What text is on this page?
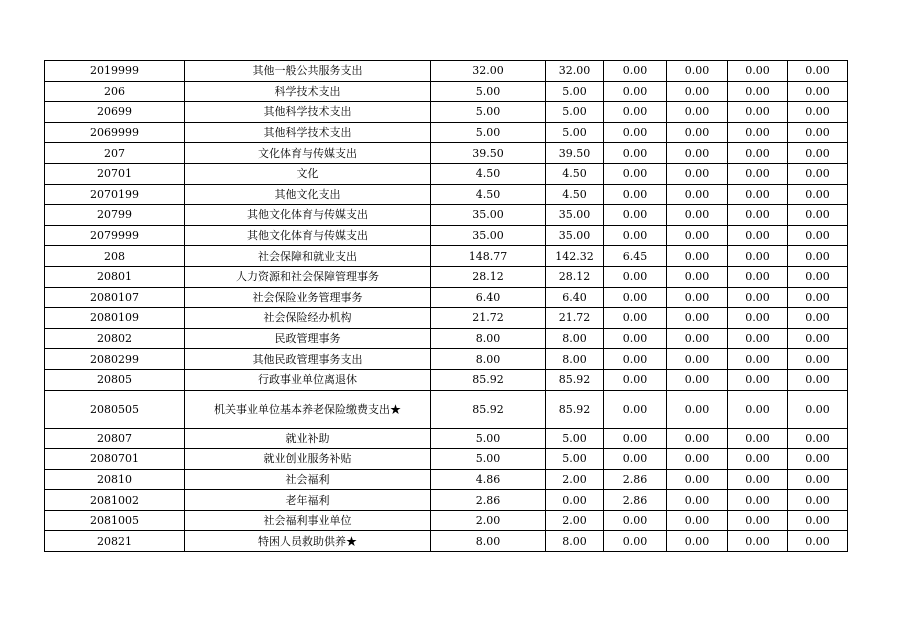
2019999	其他一般公共服务支出	32.00	32.00	0.00	0.00	0.00	0.00
206	科学技术支出	5.00	5.00	0.00	0.00	0.00	0.00
20699	其他科学技术支出	5.00	5.00	0.00	0.00	0.00	0.00
2069999	其他科学技术支出	5.00	5.00	0.00	0.00	0.00	0.00
207	文化体育与传媒支出	39.50	39.50	0.00	0.00	0.00	0.00
20701	文化	4.50	4.50	0.00	0.00	0.00	0.00
2070199	其他文化支出	4.50	4.50	0.00	0.00	0.00	0.00
20799	其他文化体育与传媒支出	35.00	35.00	0.00	0.00	0.00	0.00
2079999	其他文化体育与传媒支出	35.00	35.00	0.00	0.00	0.00	0.00
208	社会保障和就业支出	148.77	142.32	6.45	0.00	0.00	0.00
20801	人力资源和社会保障管理事务	28.12	28.12	0.00	0.00	0.00	0.00
2080107	社会保险业务管理事务	6.40	6.40	0.00	0.00	0.00	0.00
2080109	社会保险经办机构	21.72	21.72	0.00	0.00	0.00	0.00
20802	民政管理事务	8.00	8.00	0.00	0.00	0.00	0.00
2080299	其他民政管理事务支出	8.00	8.00	0.00	0.00	0.00	0.00
20805	行政事业单位离退休	85.92	85.92	0.00	0.00	0.00	0.00
2080505	机关事业单位基本养老保险缴费支出★	85.92	85.92	0.00	0.00	0.00	0.00
20807	就业补助	5.00	5.00	0.00	0.00	0.00	0.00
2080701	就业创业服务补贴	5.00	5.00	0.00	0.00	0.00	0.00
20810	社会福利	4.86	2.00	2.86	0.00	0.00	0.00
2081002	老年福利	2.86	0.00	2.86	0.00	0.00	0.00
2081005	社会福利事业单位	2.00	2.00	0.00	0.00	0.00	0.00
20821	特困人员救助供养★	8.00	8.00	0.00	0.00	0.00	0.00
